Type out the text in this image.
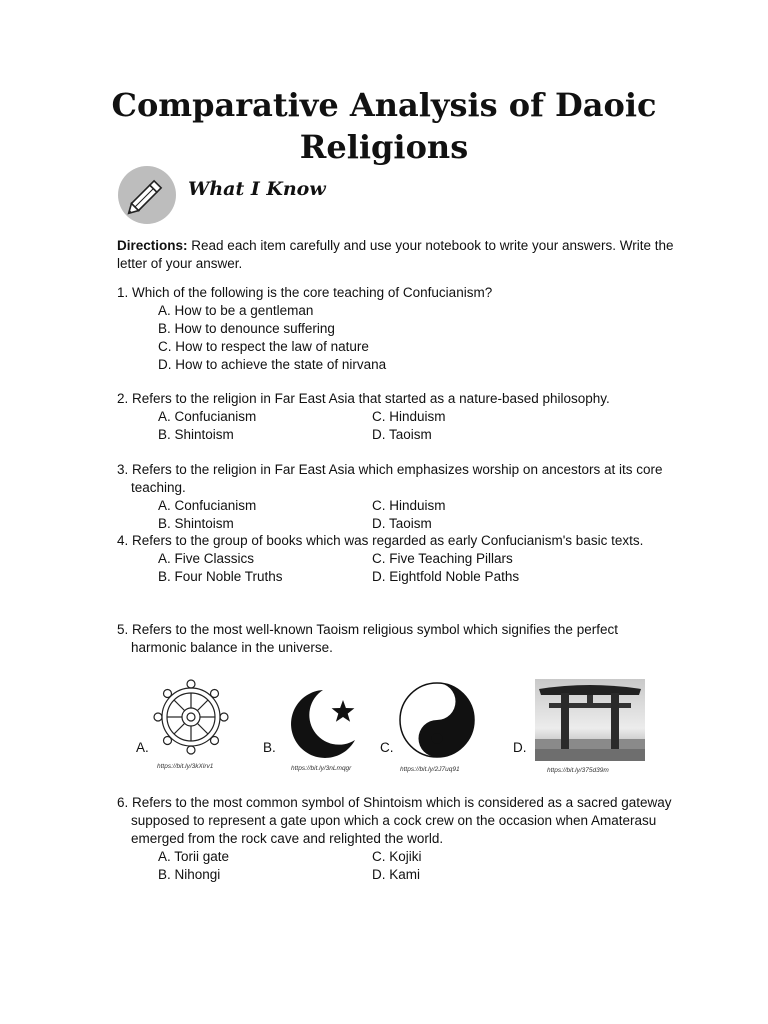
Comparative Analysis of Daoic
Religions
What I Know
Directions: Read each item carefully and use your notebook to write your answers. Write the letter of your answer.
1. Which of the following is the core teaching of Confucianism?
A. How to be a gentleman
B. How to denounce suffering
C. How to respect the law of nature
D. How to achieve the state of nirvana
2. Refers to the religion in Far East Asia that started as a nature-based philosophy.
A. Confucianism	C. Hinduism
B. Shintoism	D. Taoism
3. Refers to the religion in Far East Asia which emphasizes worship on ancestors at its core teaching.
A. Confucianism	C. Hinduism
B. Shintoism	D. Taoism
4. Refers to the group of books which was regarded as early Confucianism's basic texts.
A. Five Classics	C. Five Teaching Pillars
B. Four Noble Truths	D. Eightfold Noble Paths
5. Refers to the most well-known Taoism religious symbol which signifies the perfect harmonic balance in the universe.
A.
https://bit.ly/3kXlrv1
B.
https://bit.ly/3nLmqgr
C.
https://bit.ly/2J7uq91
D.
https://bit.ly/375d39m
6. Refers to the most common symbol of Shintoism which is considered as a sacred gateway supposed to represent a gate upon which a cock crew on the occasion when Amaterasu emerged from the rock cave and relighted the world.
A. Torii gate	C. Kojiki
B. Nihongi	D. Kami
